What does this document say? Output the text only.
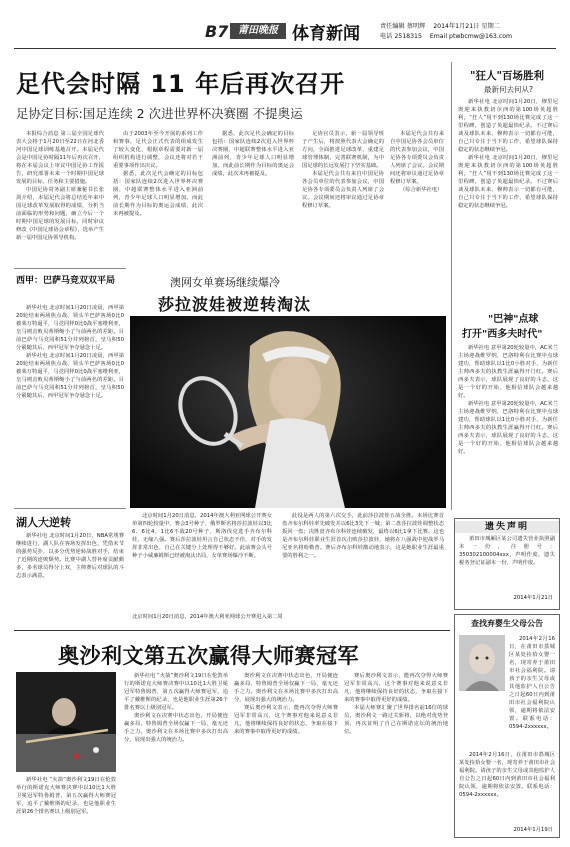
B7 莆田晚报 体育新闻	责任编辑 蔡明辉 2014年1月21日 星期二
电话 2518315 Email ptwbcmw@163.com
足代会时隔 11 年后再次召开
足协定目标:国足连续 2 次进世界杯决赛圈 不提奥运

本报综合消息 第三届全国足球代表大会将于1月20日至22日在河北香河中国足球训练基地召开。本届足代会是中国足协时隔11年后再次召开，将在本届会议上审议中国足协工作报告，研究部署未来一个时期中国足球发展的目标、任务和主要措施。

中国足协常务副主席兼秘书长张剑介绍，本届足代会将总结近年来中国足球改革发展取得的成绩，分析当前面临的形势和问题，确立今后一个时期中国足球的发展目标，同时审议修改《中国足球协会章程》，选举产生新一届中国足协领导机构。

由于2003年至今开展的系列工作和赛事，足代会正式代表的组成发生了较大变化，根据章程需要对新一届组织机构进行调整，会议还将对若干重要事项作出决议。

据悉，此次足代会确定的目标包括：国家队连续2次进入世界杯决赛圈，中超联赛整体水平进入亚洲前列，青少年足球人口明显增加。而此前长期作为目标的奥运会成绩，此次未再被提及。

据悉，此次足代会确定的目标包括：国家队连续2次进入世界杯决赛圈，中超联赛整体水平进入亚洲前列，青少年足球人口明显增加。而此前长期作为目标的奥运会成绩，此次未再被提及。

足协官员表示，新一届领导班子产生后，将按照代表大会确定的方向，全面推进足球改革，重建足球管理体制，完善联赛机制，为中国足球的长远发展打下坚实基础。

本届足代会共有来自中国足协各会员单位的代表参加会议，中国足协各专项委员会负责人列席了会议。会议期间还将审议通过足协章程修订草案。

本届足代会共有来自中国足协各会员单位的代表参加会议，中国足协各专项委员会负责人列席了会议。会议期间还将审议通过足协章程修订草案。

（综合新华社电）

西甲：巴萨马竞双双平局

新华社电 北京时间1月20日凌晨，西甲第20轮结束两场焦点战，领头羊巴萨客场0比0被莱万特逼平，马竞同样0比0战平塞维利亚，皇马则击败贝蒂斯缩小了与前两名的差距。目前巴萨与马竞同积51分并列榜首，皇马积50分紧随其后，西甲冠军争夺悬念十足。

新华社电 北京时间1月20日凌晨，西甲第20轮结束两场焦点战，领头羊巴萨客场0比0被莱万特逼平，马竞同样0比0战平塞维利亚，皇马则击败贝蒂斯缩小了与前两名的差距。目前巴萨与马竞同积51分并列榜首，皇马积50分紧随其后，西甲冠军争夺悬念十足。

湖人大逆转

新华社电 北京时间1月20日，NBA常规赛继续进行，湖人队在客场发挥出色，凭借末节的强势反扑，以多分优势逆转战胜对手，结束了近期的连败颓势。比赛中湖人替补席贡献颇多，多名球员得分上双，主帅赛后对球队的斗志表示满意。

澳网女单赛场继续爆冷
莎拉波娃被逆转淘汰

北京时间1月20日消息，2014年澳大利亚网球公开赛女单第四轮较量中，赛会3号种子、俄罗斯名将莎拉波娃以3比6、6比4、1比6不敌20号种子、斯洛伐克选手齐布尔科娃，无缘八强。赛后莎拉波娃坦言自己状态不佳，对手的发挥非常出色，自己在关键分上处理得不够好。此前赛会头号种子小威廉姆斯已经被淘汰出局，女单赛场爆冷不断。

此役是两人的第六次交手，此前莎拉波娃五战全胜。本场比赛首盘齐布尔科娃率先破发并以6比3先下一城；第二盘莎拉波娃调整状态扳回一盘；决胜盘齐布尔科娃连续破发，最终以6比1拿下比赛。这也是齐布尔科娃职业生涯首次击败莎拉波娃，她将在八强战中迎战罗马尼亚名将哈勒普。赛后齐布尔科娃激动地表示，这是她职业生涯最重要的胜利之一。

北京时间1月20日消息，2014年澳大利亚网球公开赛进入第二周
"狂人"百场胜利
最新何去何从?

新华社电 北京时间1月20日，穆里尼奥迎来执教切尔西的第100场英超胜利，“狂人”用不到130场比赛完成了这一里程碑，创造了英超最快纪录。不过赛后谈及球队未来，穆帅表示一切都有可能，自己只专注于当下的工作，希望球队保持稳定的状态继续争冠。

新华社电 北京时间1月20日，穆里尼奥迎来执教切尔西的第100场英超胜利，“狂人”用不到130场比赛完成了这一里程碑，创造了英超最快纪录。不过赛后谈及球队未来，穆帅表示一切都有可能，自己只专注于当下的工作，希望球队保持稳定的状态继续争冠。

"巴神"点球
打开"西多夫时代"

新华社电 意甲第20轮较量中，AC米兰主场迎战维罗纳，巴洛特利在比赛中点球建功，帮助球队以1比0小胜对手，为新任主帅西多夫的执教生涯赢得开门红。赛后西多夫表示，球队展现了良好的斗志，这是一个好的开始，他相信球队会越来越好。

新华社电 意甲第20轮较量中，AC米兰主场迎战维罗纳，巴洛特利在比赛中点球建功，帮助球队以1比0小胜对手，为新任主帅西多夫的执教生涯赢得开门红。赛后西多夫表示，球队展现了良好的斗志，这是一个好的开始，他相信球队会越来越好。

遗失声明

莆田市城厢区某公司遗失营业执照副本一份，注册号：350302100004xxx，声明作废。遗失税务登记证副本一份，声明作废。

2014年1月21日
查找弃婴生父母公告

2014年2月16日，在莆田市荔城区某处捡拾女婴一名，现寄养于莆田市社会福利院。请孩子的亲生父母或其他监护人自公告之日起60日内到莆田市社会福利院认领，逾期将依法安置。联系电话：0594-2xxxxxx。

2014年2月16日，在莆田市荔城区某处捡拾女婴一名，现寄养于莆田市社会福利院。请孩子的亲生父母或其他监护人自公告之日起60日内到莆田市社会福利院认领，逾期将依法安置。联系电话：0594-2xxxxxx。

2014年1月19日
奥沙利文第五次赢得大师赛冠军

新华社电 “火箭”奥沙利文19日在伦敦举行的斯诺克大师赛决赛中以10比1大胜卫冕冠军特鲁姆普，第五次赢得大师赛冠军，追平了戴维斯的纪录，也是他职业生涯第26个排名赛以上级别冠军。

新华社电 “火箭”奥沙利文19日在伦敦举行的斯诺克大师赛决赛中以10比1大胜卫冕冠军特鲁姆普，第五次赢得大师赛冠军，追平了戴维斯的纪录，也是他职业生涯第26个排名赛以上级别冠军。

奥沙利文在决赛中状态出色，开局便连赢多局，特鲁姆普全场仅赢下一局，毫无还手之力。奥沙利文在本场比赛中多次打出高分，展现出强大的统治力。

奥沙利文在决赛中状态出色，开局便连赢多局，特鲁姆普全场仅赢下一局，毫无还手之力。奥沙利文在本场比赛中多次打出高分，展现出强大的统治力。

赛后奥沙利文表示，能再次夺得大师赛冠军非常高兴，这个赛事对他来说意义非凡，他将继续保持良好的状态，争取在接下来的赛事中取得更好的成绩。

赛后奥沙利文表示，能再次夺得大师赛冠军非常高兴，这个赛事对他来说意义非凡，他将继续保持良好的状态，争取在接下来的赛事中取得更好的成绩。

本届大师赛汇聚了世界排名前16位的球员，奥沙利文一路过关斩将，以绝对优势登顶，再次证明了自己在斯诺克坛的统治地位。
